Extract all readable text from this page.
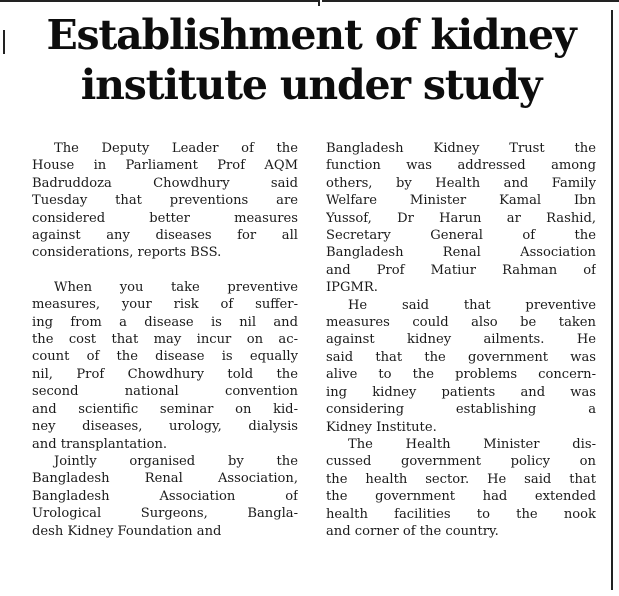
Establishment of kidney
institute under study
The Deputy Leader of the
House in Parliament Prof AQM
Badruddoza Chowdhury said
Tuesday that preventions are
considered better measures
against any diseases for all
considerations, reports BSS.
When you take preventive
measures, your risk of suffer-
ing from a disease is nil and
the cost that may incur on ac-
count of the disease is equally
nil, Prof Chowdhury told the
second national convention
and scientific seminar on kid-
ney diseases, urology, dialysis
and transplantation.
Jointly organised by the
Bangladesh Renal Association,
Bangladesh Association of
Urological Surgeons, Bangla-
desh Kidney Foundation and
Bangladesh Kidney Trust the
function was addressed among
others, by Health and Family
Welfare Minister Kamal Ibn
Yussof, Dr Harun ar Rashid,
Secretary General of the
Bangladesh Renal Association
and Prof Matiur Rahman of
IPGMR.
He said that preventive
measures could also be taken
against kidney ailments. He
said that the government was
alive to the problems concern-
ing kidney patients and was
considering establishing a
Kidney Institute.
The Health Minister dis-
cussed government policy on
the health sector. He said that
the government had extended
health facilities to the nook
and corner of the country.
